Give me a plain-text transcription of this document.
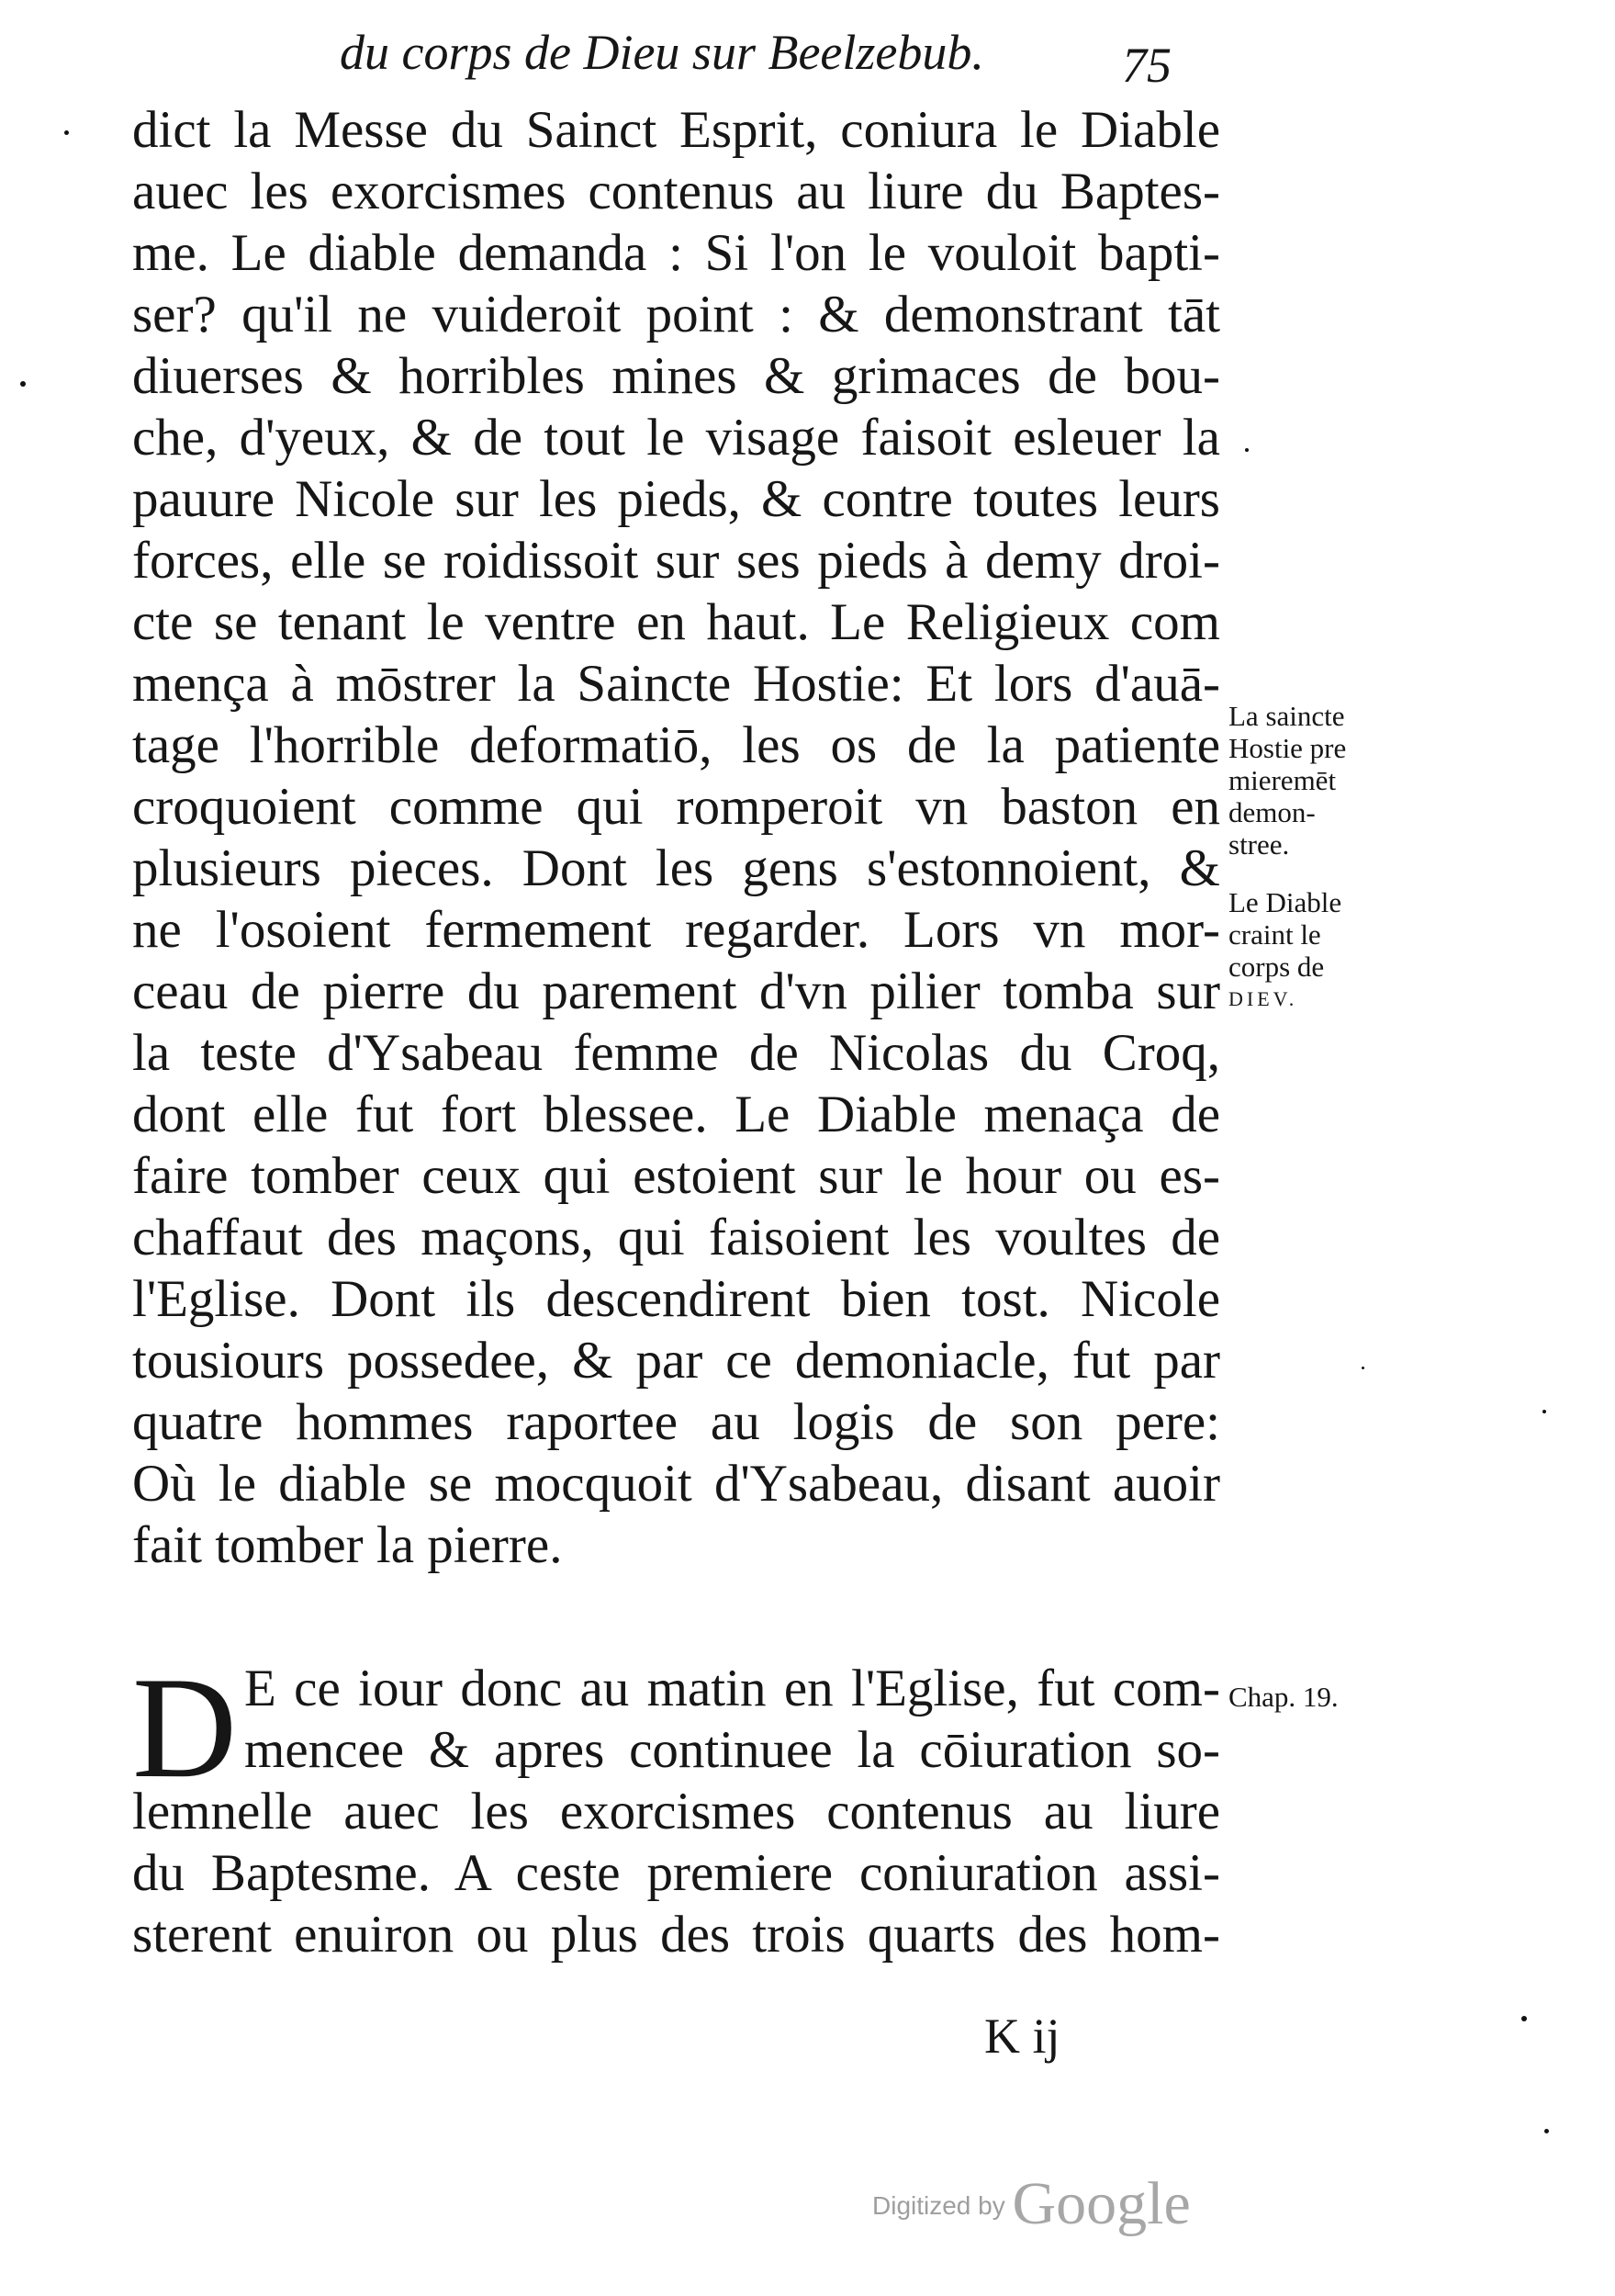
du corps de Dieu sur Beelzebub.	75
dict la Messe du Sainct Esprit, coniura le Diable
auec les exorcismes contenus au liure du Baptes-
me. Le diable demanda : Si l'on le vouloit bapti-
ser? qu'il ne vuideroit point : & demonstrant tāt
diuerses & horribles mines & grimaces de bou-
che, d'yeux, & de tout le visage faisoit esleuer la
pauure Nicole sur les pieds, & contre toutes leurs
forces, elle se roidissoit sur ses pieds à demy droi-
cte se tenant le ventre en haut. Le Religieux com
mença à mōstrer la Saincte Hostie: Et lors d'auā-
tage l'horrible deformatiō, les os de la patiente
croquoient comme qui romperoit vn baston en
plusieurs pieces. Dont les gens s'estonnoient, &
ne l'osoient fermement regarder. Lors vn mor-
ceau de pierre du parement d'vn pilier tomba sur
la teste d'Ysabeau femme de Nicolas du Croq,
dont elle fut fort blessee. Le Diable menaça de
faire tomber ceux qui estoient sur le hour ou es-
chaffaut des maçons, qui faisoient les voultes de
l'Eglise. Dont ils descendirent bien tost. Nicole
tousiours possedee, & par ce demoniacle, fut par
quatre hommes raportee au logis de son pere:
Où le diable se mocquoit d'Ysabeau, disant auoir
fait tomber la pierre.
D E ce iour donc au matin en l'Eglise, fut com-
mencee & apres continuee la cōiuration so-
lemnelle auec les exorcismes contenus au liure
du Baptesme. A ceste premiere coniuration assi-
sterent enuiron ou plus des trois quarts des hom-
La saincte
Hostie pre
mieremēt
demon-
stree.
Le Diable
craint le
corps de
DIEV.
Chap. 19.
K ij
Digitized by Google
